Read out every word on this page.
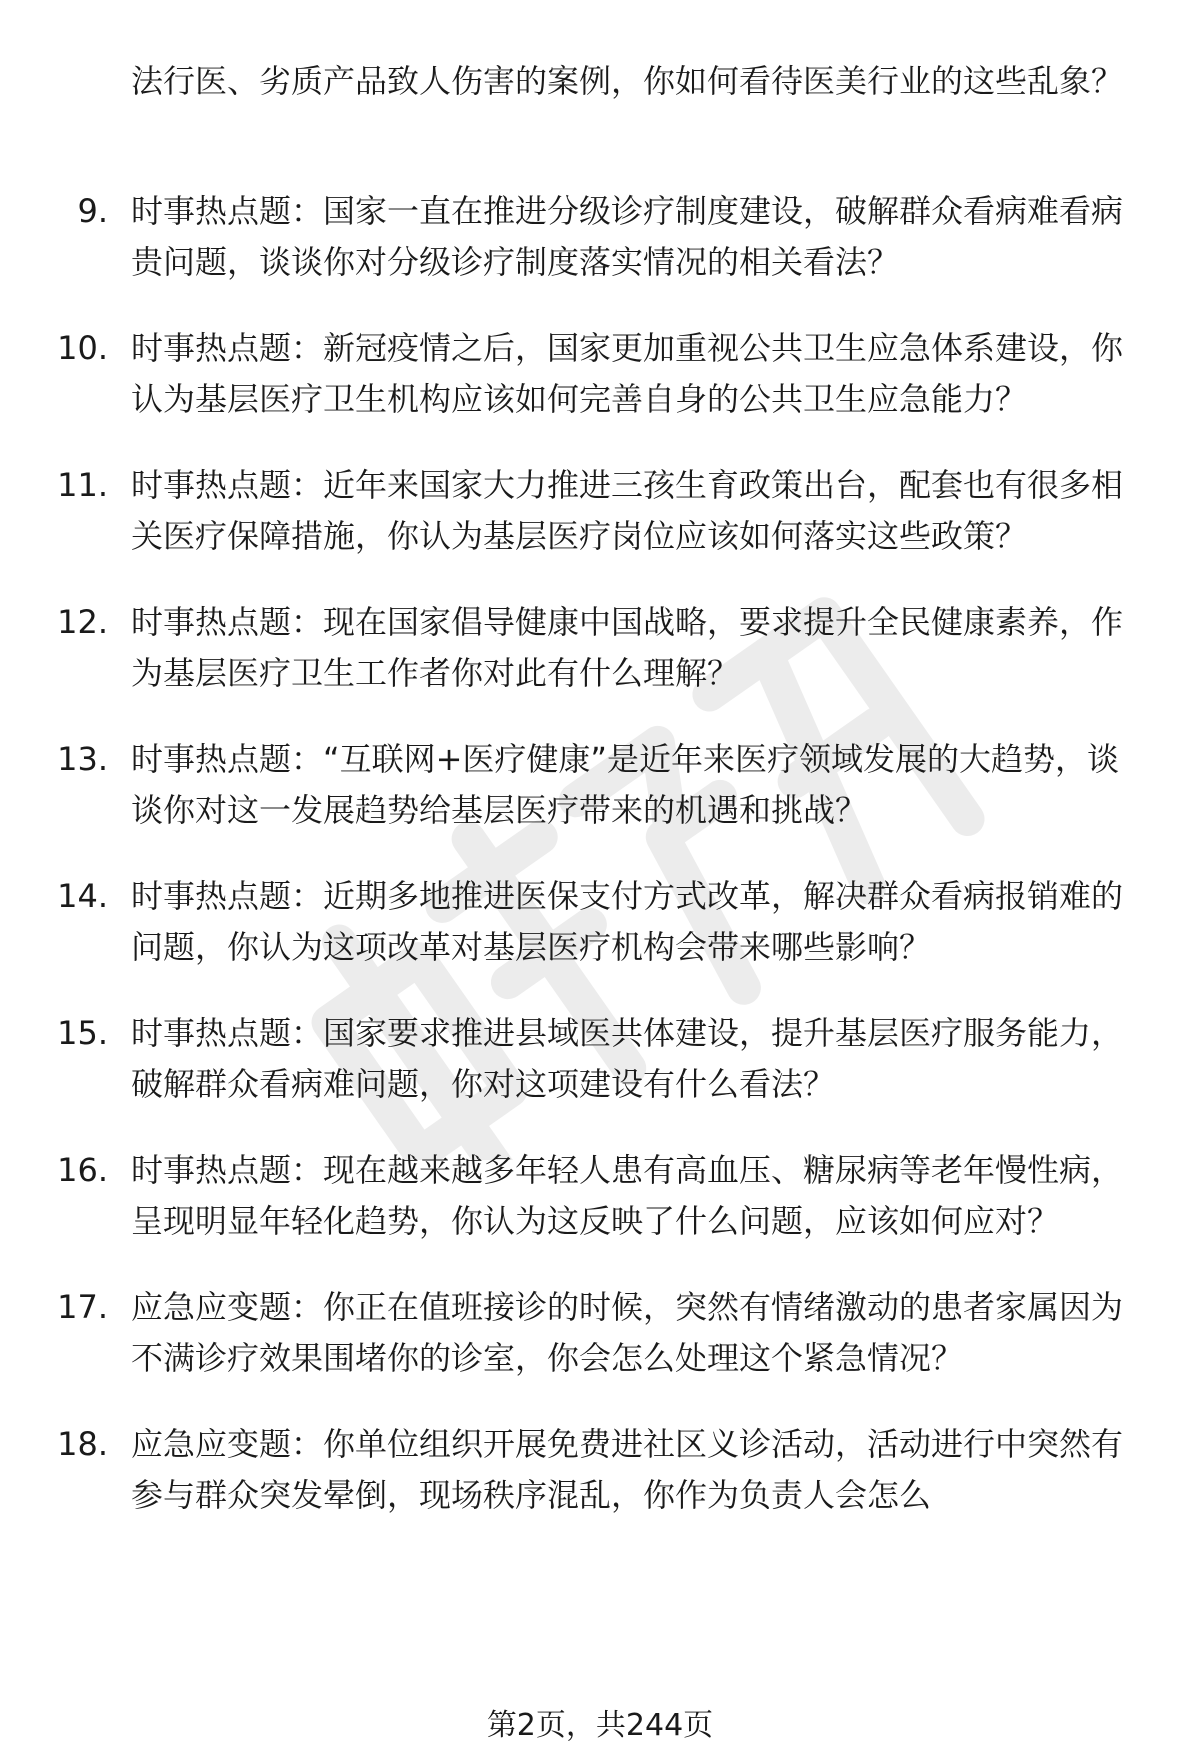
法行医、劣质产品致人伤害的案例，你如何看待医美行业的这些乱象？
9. 时事热点题：国家一直在推进分级诊疗制度建设，破解群众看病难看病贵问题，谈谈你对分级诊疗制度落实情况的相关看法？
10. 时事热点题：新冠疫情之后，国家更加重视公共卫生应急体系建设，你认为基层医疗卫生机构应该如何完善自身的公共卫生应急能力？
11. 时事热点题：近年来国家大力推进三孩生育政策出台，配套也有很多相关医疗保障措施，你认为基层医疗岗位应该如何落实这些政策？
12. 时事热点题：现在国家倡导健康中国战略，要求提升全民健康素养，作为基层医疗卫生工作者你对此有什么理解？
13. 时事热点题：“互联网+医疗健康”是近年来医疗领域发展的大趋势，谈谈你对这一发展趋势给基层医疗带来的机遇和挑战？
14. 时事热点题：近期多地推进医保支付方式改革，解决群众看病报销难的问题，你认为这项改革对基层医疗机构会带来哪些影响？
15. 时事热点题：国家要求推进县域医共体建设，提升基层医疗服务能力，破解群众看病难问题，你对这项建设有什么看法？
16. 时事热点题：现在越来越多年轻人患有高血压、糖尿病等老年慢性病，呈现明显年轻化趋势，你认为这反映了什么问题，应该如何应对？
17. 应急应变题：你正在值班接诊的时候，突然有情绪激动的患者家属因为不满诊疗效果围堵你的诊室，你会怎么处理这个紧急情况？
18. 应急应变题：你单位组织开展免费进社区义诊活动，活动进行中突然有参与群众突发晕倒，现场秩序混乱，你作为负责人会怎么
第2页，共244页
